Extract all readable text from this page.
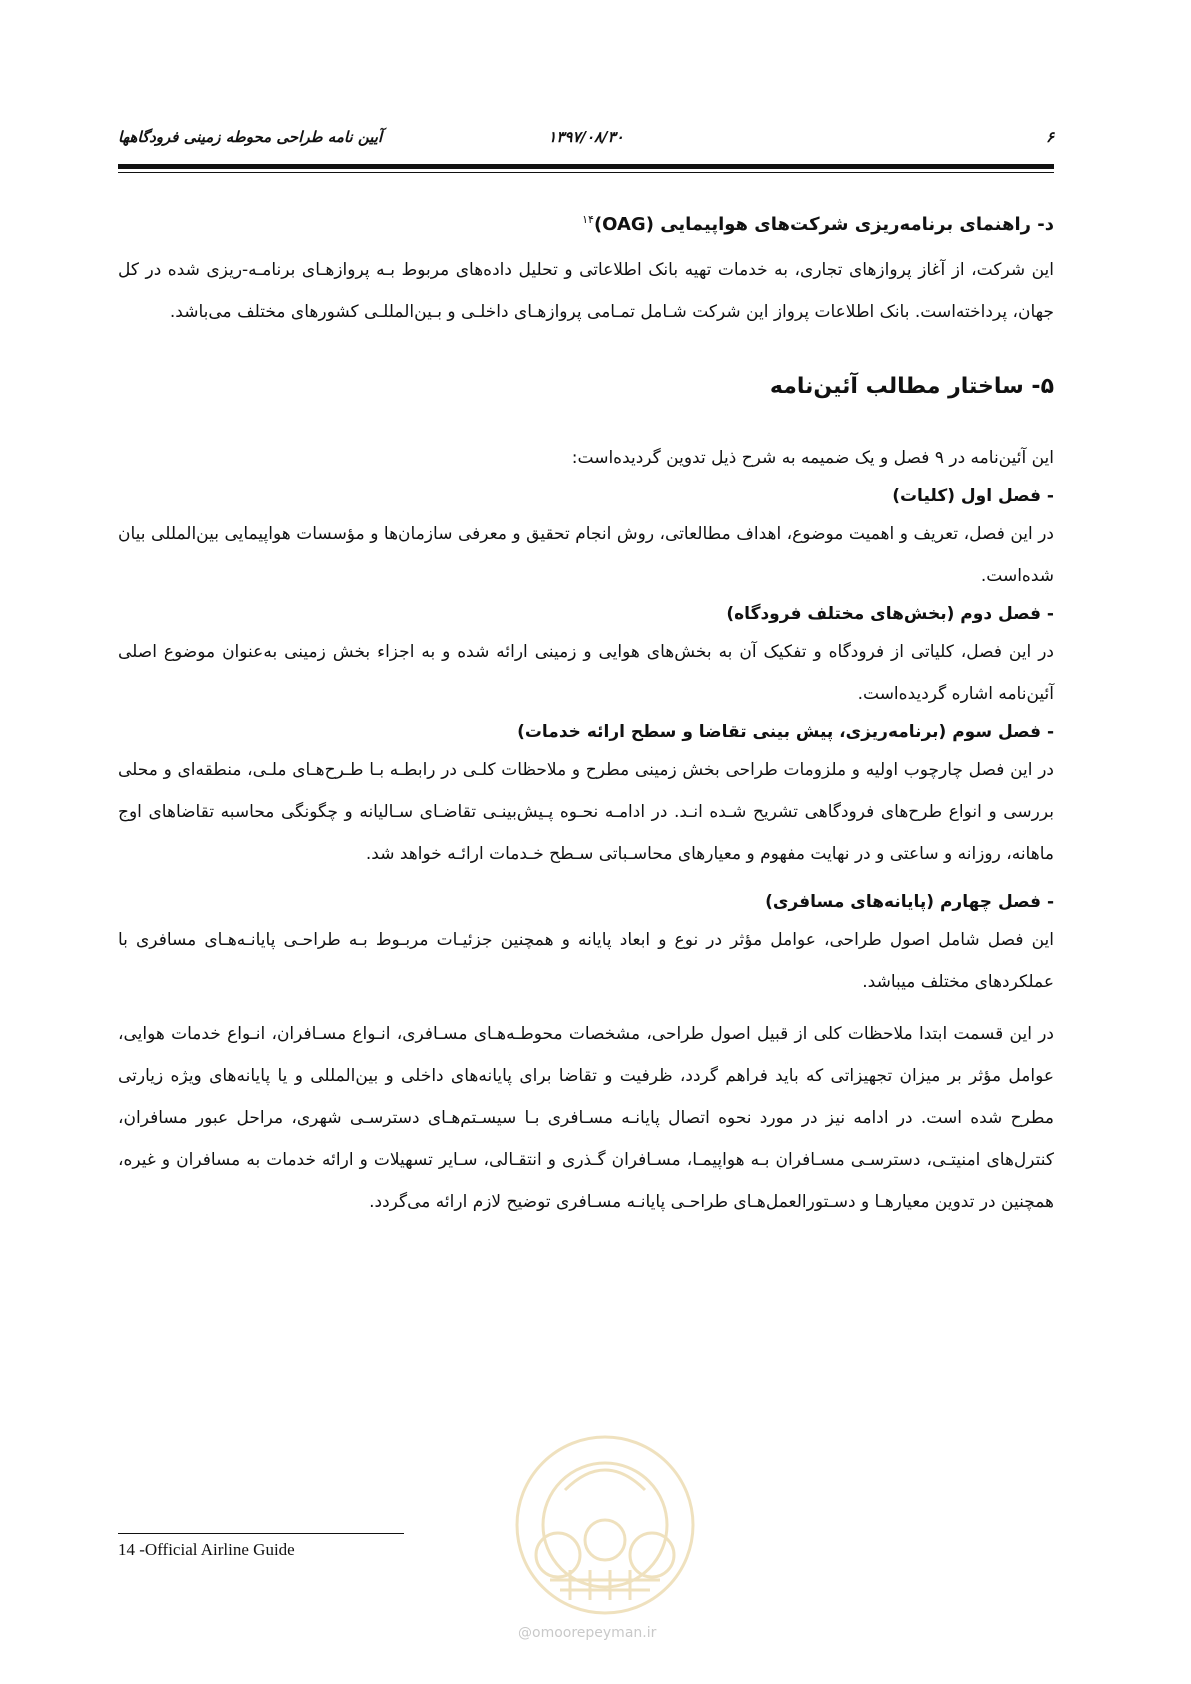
۶
۱۳۹۷/۰۸/۳۰
آیین نامه طراحی محوطه زمینی فرودگاهها
د- راهنمای برنامه‌ریزی شرکت‌های هواپیمایی (OAG)$^{۱۴}$

این شرکت، از آغاز پروازهای تجاری، به خدمات تهیه بانک اطلاعاتی و تحلیل داده‌های مربوط بـه پروازهـای برنامـه-ریزی شده در کل جهان، پرداخته‌است. بانک اطلاعات پرواز این شرکت شـامل تمـامی پروازهـای داخلـی و بـین‌المللـی کشورهای مختلف می‌باشد.

۵- ساختار مطالب آئین‌نامه

این آئین‌نامه در ۹ فصل و یک ضمیمه به شرح ذیل تدوین گردیده‌است:

- فصل اول (کلیات)

در این فصل، تعریف و اهمیت موضوع، اهداف مطالعاتی، روش انجام تحقیق و معرفی سازمان‌ها و مؤسسات هواپیمایی بین‌المللی بیان شده‌است.

- فصل دوم (بخش‌های مختلف فرودگاه)

در این فصل، کلیاتی از فرودگاه و تفکیک آن به بخش‌های هوایی و زمینی ارائه شده و به اجزاء بخش زمینی به‌عنوان موضوع اصلی آئین‌نامه اشاره گردیده‌است.

- فصل سوم (برنامه‌ریزی، پیش بینی تقاضا و سطح ارائه خدمات)

در این فصل چارچوب اولیه و ملزومات طراحی بخش زمینی مطرح و ملاحظات کلـی در رابطـه بـا طـرح‌هـای ملـی، منطقه‌ای و محلی بررسی و انواع طرح‌های فرودگاهی تشریح شـده انـد. در ادامـه نحـوه پـیش‌بینـی تقاضـای سـالیانه و چگونگی محاسبه تقاضاهای اوج ماهانه، روزانه و ساعتی و در نهایت مفهوم و معیارهای محاسـباتی سـطح خـدمات ارائـه خواهد شد.

- فصل چهارم (پایانه‌های مسافری)

این فصل شامل اصول طراحی، عوامل مؤثر در نوع و ابعاد پایانه و همچنین جزئیـات مربـوط بـه طراحـی پایانـه‌هـای مسافری با عملکردهای مختلف میباشد.

در این قسمت ابتدا ملاحظات کلی از قبیل اصول طراحی، مشخصات محوطـه‌هـای مسـافری، انـواع مسـافران، انـواع خدمات هوایی، عوامل مؤثر بر میزان تجهیزاتی که باید فراهم گردد، ظرفیت و تقاضا برای پایانه‌های داخلی و بین‌المللی و یا پایانه‌های ویژه زیارتی مطرح شده است. در ادامه نیز در مورد نحوه اتصال پایانـه مسـافری بـا سیسـتم‌هـای دسترسـی شهری، مراحل عبور مسافران، کنترل‌های امنیتـی، دسترسـی مسـافران بـه هواپیمـا، مسـافران گـذری و انتقـالی، سـایر تسهیلات و ارائه خدمات به مسافران و غیره، همچنین در تدوین معیارهـا و دسـتورالعمل‌هـای طراحـی پایانـه مسـافری توضیح لازم ارائه می‌گردد.

@omoorepeyman.ir
14 -Official Airline Guide
